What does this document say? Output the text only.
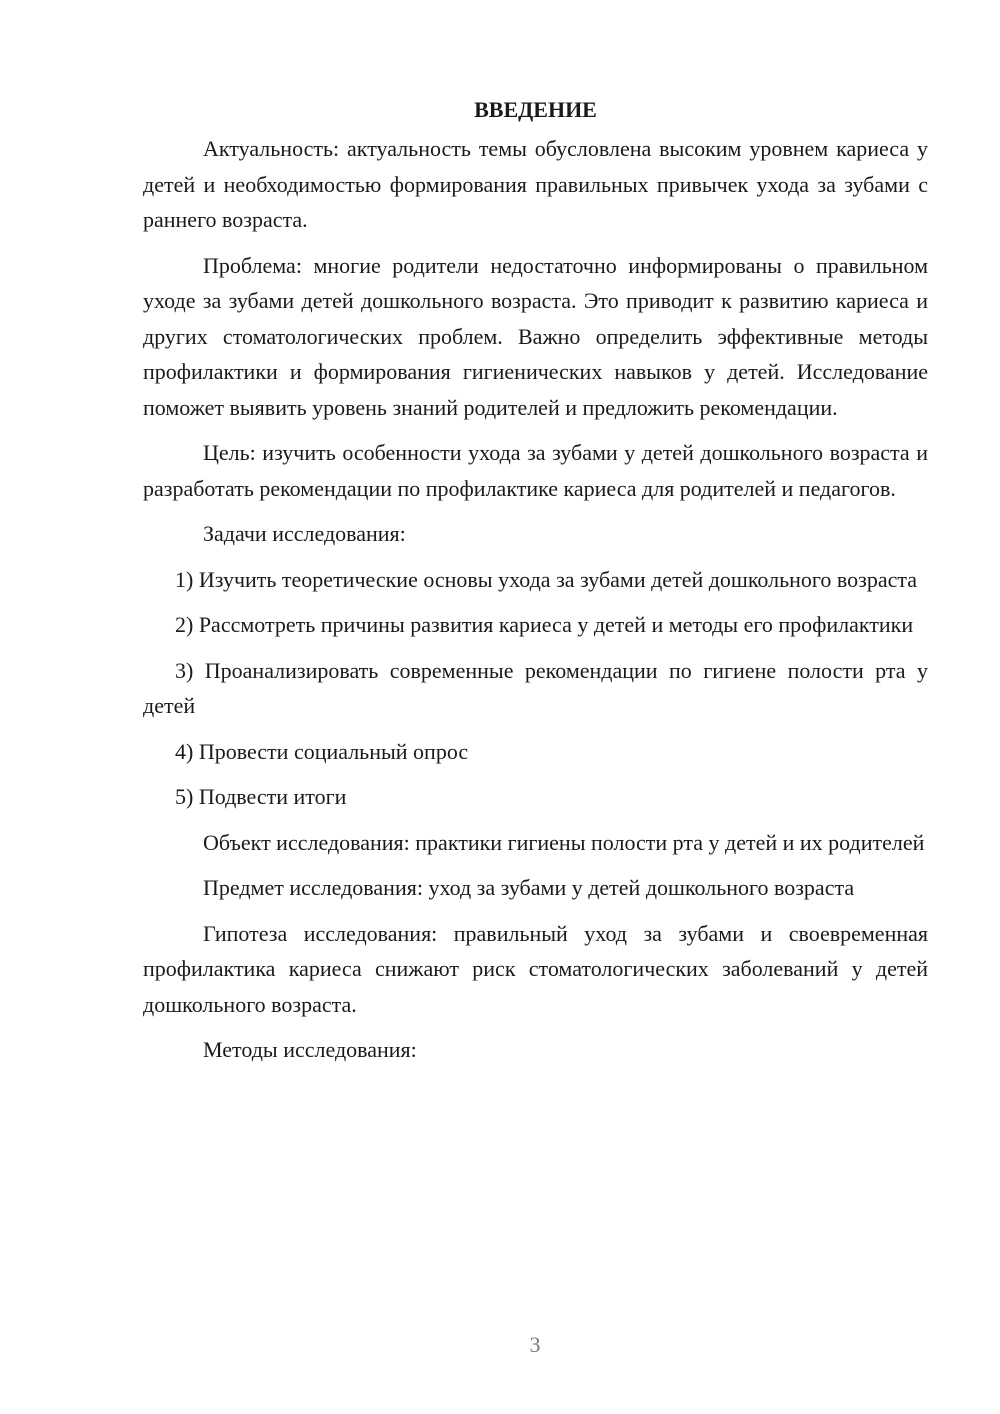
ВВЕДЕНИЕ

Актуальность: актуальность темы обусловлена высоким уровнем кариеса у детей и необходимостью формирования правильных привычек ухода за зубами с раннего возраста.

Проблема: многие родители недостаточно информированы о правильном уходе за зубами детей дошкольного возраста. Это приводит к развитию кариеса и других стоматологических проблем. Важно определить эффективные методы профилактики и формирования гигиенических навыков у детей. Исследование поможет выявить уровень знаний родителей и предложить рекомендации.

Цель: изучить особенности ухода за зубами у детей дошкольного возраста и разработать рекомендации по профилактике кариеса для родителей и педагогов.

Задачи исследования:

1) Изучить теоретические основы ухода за зубами детей дошкольного возраста

2) Рассмотреть причины развития кариеса у детей и методы его профилактики

3) Проанализировать современные рекомендации по гигиене полости рта у детей

4) Провести социальный опрос

5) Подвести итоги

Объект исследования: практики гигиены полости рта у детей и их родителей

Предмет исследования: уход за зубами у детей дошкольного возраста

Гипотеза исследования: правильный уход за зубами и своевременная профилактика кариеса снижают риск стоматологических заболеваний у детей дошкольного возраста.

Методы исследования:

3
